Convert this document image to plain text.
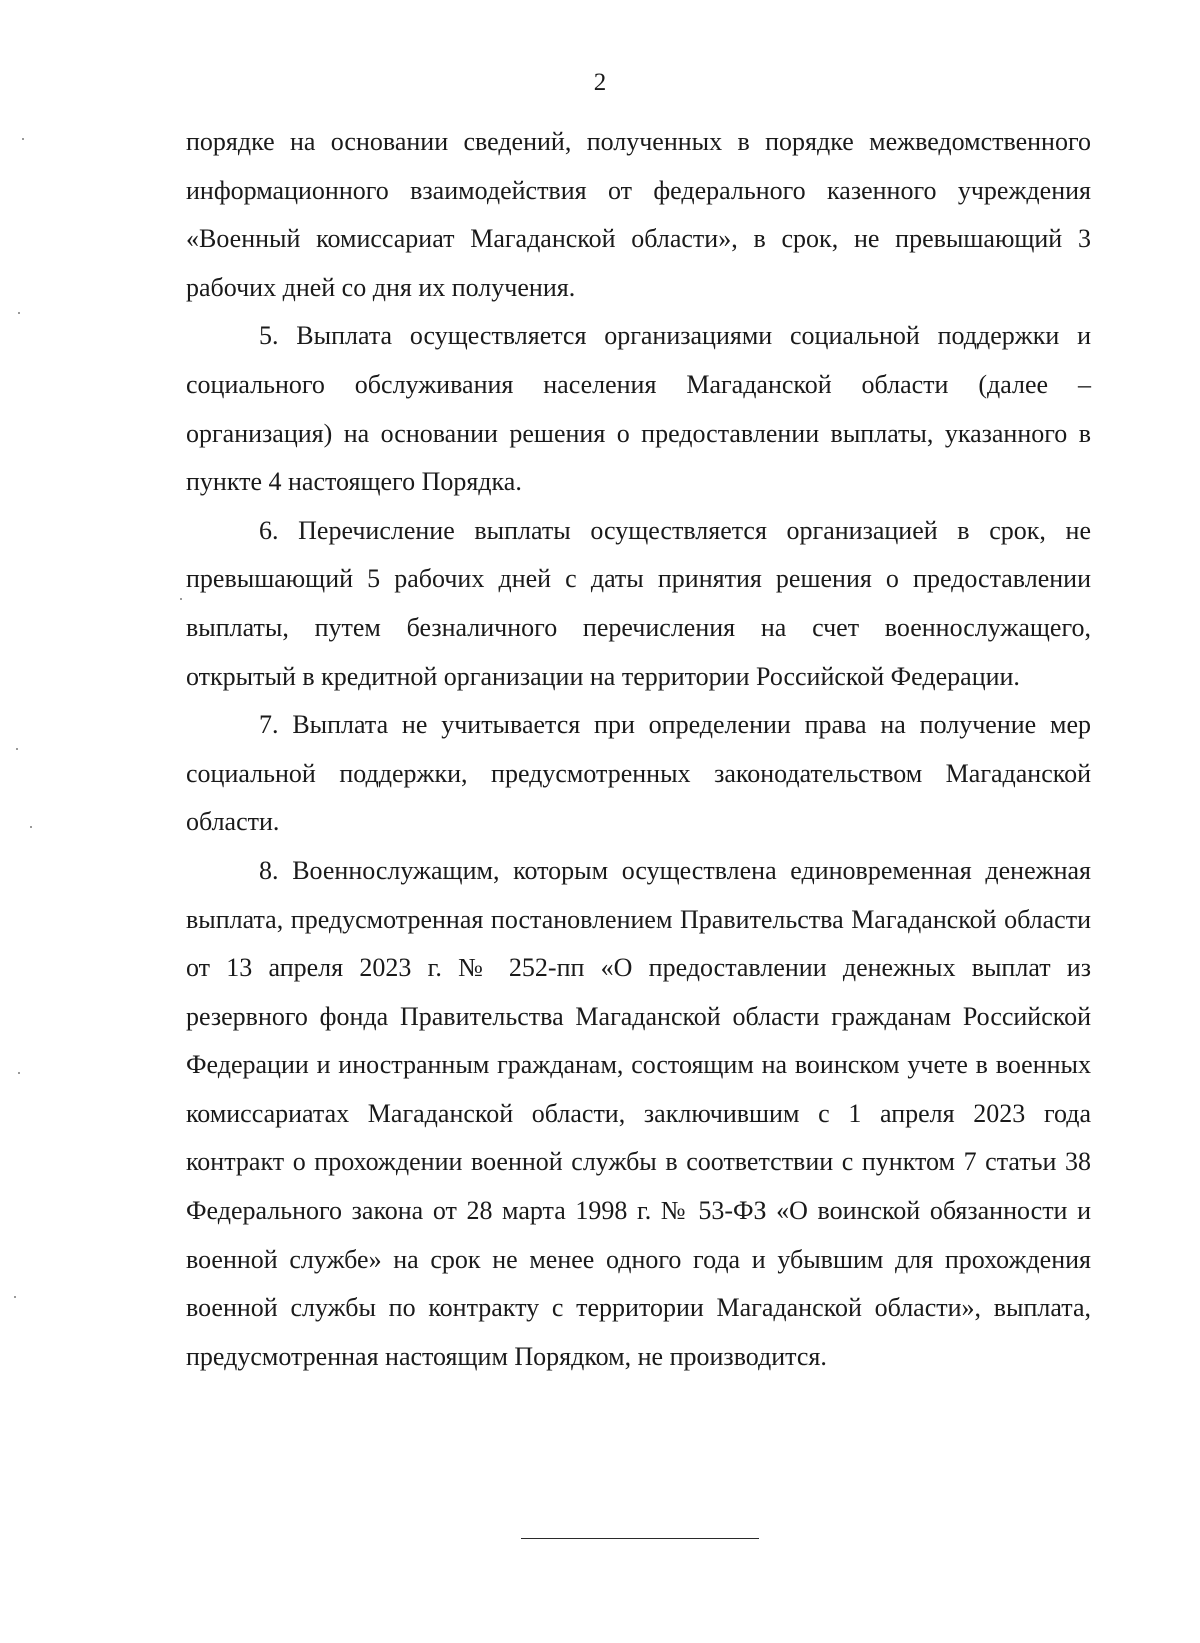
2

порядке на основании сведений, полученных в порядке межведомственного информационного взаимодействия от федерального казенного учреждения «Военный комиссариат Магаданской области», в срок, не превышающий 3 рабочих дней со дня их получения.

5. Выплата осуществляется организациями социальной поддержки и социального обслуживания населения Магаданской области (далее – организация) на основании решения о предоставлении выплаты, указанного в пункте 4 настоящего Порядка.

6. Перечисление выплаты осуществляется организацией в срок, не превышающий 5 рабочих дней с даты принятия решения о предоставлении выплаты, путем безналичного перечисления на счет военнослужащего, открытый в кредитной организации на территории Российской Федерации.

7. Выплата не учитывается при определении права на получение мер социальной поддержки, предусмотренных законодательством Магаданской области.

8. Военнослужащим, которым осуществлена единовременная денежная выплата, предусмотренная постановлением Правительства Магаданской области от 13 апреля 2023 г. № 252-пп «О предоставлении денежных выплат из резервного фонда Правительства Магаданской области гражданам Российской Федерации и иностранным гражданам, состоящим на воинском учете в военных комиссариатах Магаданской области, заключившим с 1 апреля 2023 года контракт о прохождении военной службы в соответствии с пунктом 7 статьи 38 Федерального закона от 28 марта 1998 г. № 53-ФЗ «О воинской обязанности и военной службе» на срок не менее одного года и убывшим для прохождения военной службы по контракту с территории Магаданской области», выплата, предусмотренная настоящим Порядком, не производится.
